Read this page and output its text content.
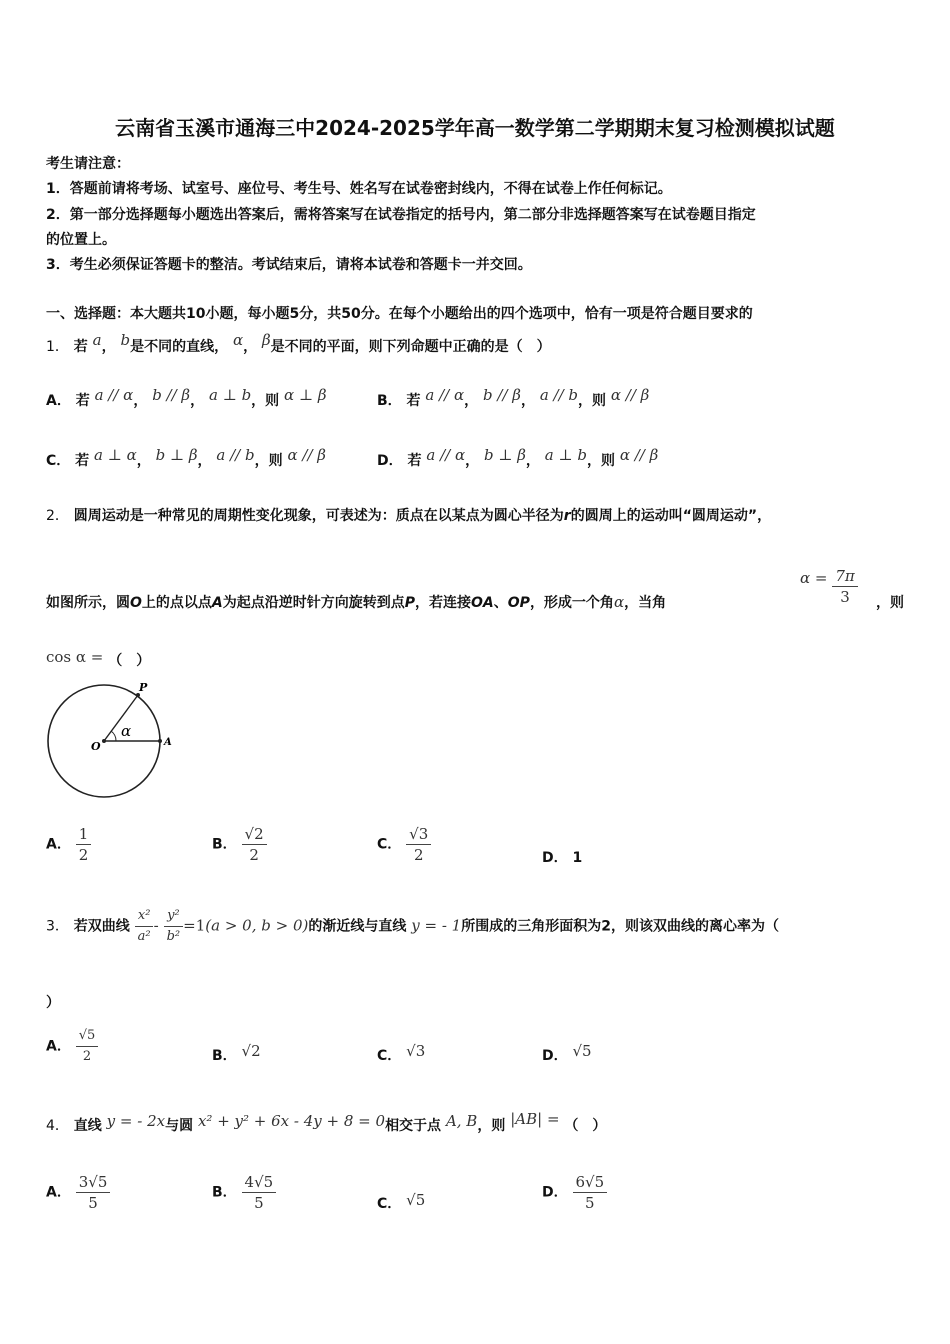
云南省玉溪市通海三中2024-2025学年高一数学第二学期期末复习检测模拟试题
考生请注意：
1．答题前请将考场、试室号、座位号、考生号、姓名写在试卷密封线内，不得在试卷上作任何标记。
2．第一部分选择题每小题选出答案后，需将答案写在试卷指定的括号内，第二部分非选择题答案写在试卷题目指定
的位置上。
3．考生必须保证答题卡的整洁。考试结束后，请将本试卷和答题卡一并交回。
一、选择题：本大题共10小题，每小题5分，共50分。在每个小题给出的四个选项中，恰有一项是符合题目要求的
1． 若 a， b是不同的直线， α， β是不同的平面，则下列命题中正确的是（　）
A． 若 a // α， b // β， a ⊥ b，则 α ⊥ β	B． 若 a // α， b // β， a // b，则 α // β
C． 若 a ⊥ α， b ⊥ β， a // b，则 α // β	D． 若 a // α， b ⊥ β， a ⊥ b，则 α // β
2． 圆周运动是一种常见的周期性变化现象，可表述为：质点在以某点为圆心半径为r的圆周上的运动叫“圆周运动”，
如图所示，圆O上的点以点A为起点沿逆时针方向旋转到点P，若连接OA、OP，形成一个角α，当角
$\alpha = \frac{7\pi}{3}$ ，则
cos α = （　）
P
O	A
α
A． $\frac{1}{2}$	B． $\frac{√2}{2}$	C． $\frac{√3}{2}$	D． 1
3． 若双曲线 $\frac{\text{x²}}{\text{a²}} - \frac{\text{y²}}{\text{b²}} =1(a > 0$, b > 0)的渐近线与直线 y = - 1所围成的三角形面积为2，则该双曲线的离心率为（
）
A． $\frac{√5}{2}$	B． √2	C． √3	D． √5
4． 直线 y = - 2x与圆 x² + y² + 6x - 4y + 8 = 0相交于点 A, B，则 |AB| = （　）
A． $\frac{3√5}{5}$	B． $\frac{4√5}{5}$	C． √5	D． $\frac{6√5}{5}$
